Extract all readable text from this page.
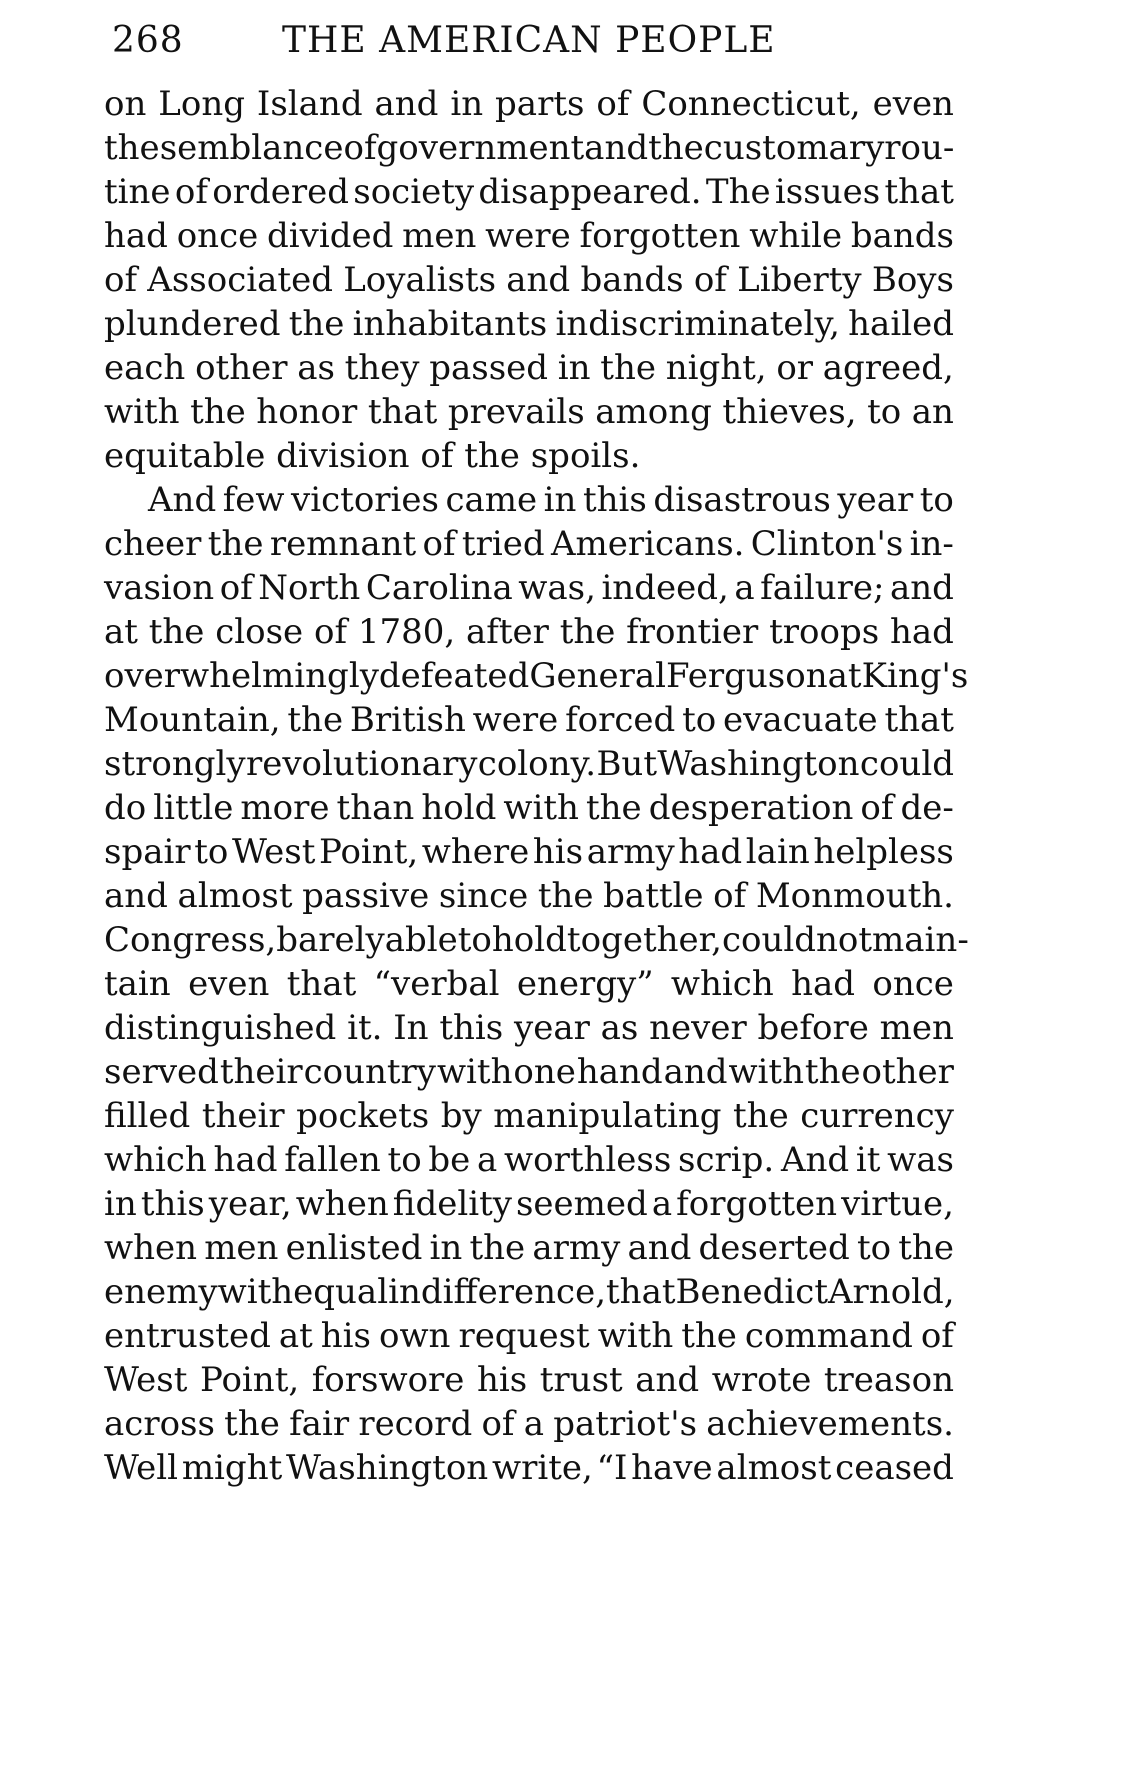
268	THE AMERICAN PEOPLE
on Long Island and in parts of Connecticut, even
the semblance of government and the customary rou-
tine of ordered society disappeared. The issues that
had once divided men were forgotten while bands
of Associated Loyalists and bands of Liberty Boys
plundered the inhabitants indiscriminately, hailed
each other as they passed in the night, or agreed,
with the honor that prevails among thieves, to an
equitable division of the spoils.
And few victories came in this disastrous year to
cheer the remnant of tried Americans. Clinton's in-
vasion of North Carolina was, indeed, a failure; and
at the close of 1780, after the frontier troops had
overwhelmingly defeated General Ferguson at King's
Mountain, the British were forced to evacuate that
strongly revolutionary colony. But Washington could
do little more than hold with the desperation of de-
spair to West Point, where his army had lain helpless
and almost passive since the battle of Monmouth.
Congress, barely able to hold together, could not main-
tain even that “verbal energy” which had once
distinguished it. In this year as never before men
served their country with one hand and with the other
filled their pockets by manipulating the currency
which had fallen to be a worthless scrip. And it was
in this year, when fidelity seemed a forgotten virtue,
when men enlisted in the army and deserted to the
enemy with equal indifference, that Benedict Arnold,
entrusted at his own request with the command of
West Point, forswore his trust and wrote treason
across the fair record of a patriot's achievements.
Well might Washington write, “I have almost ceased
